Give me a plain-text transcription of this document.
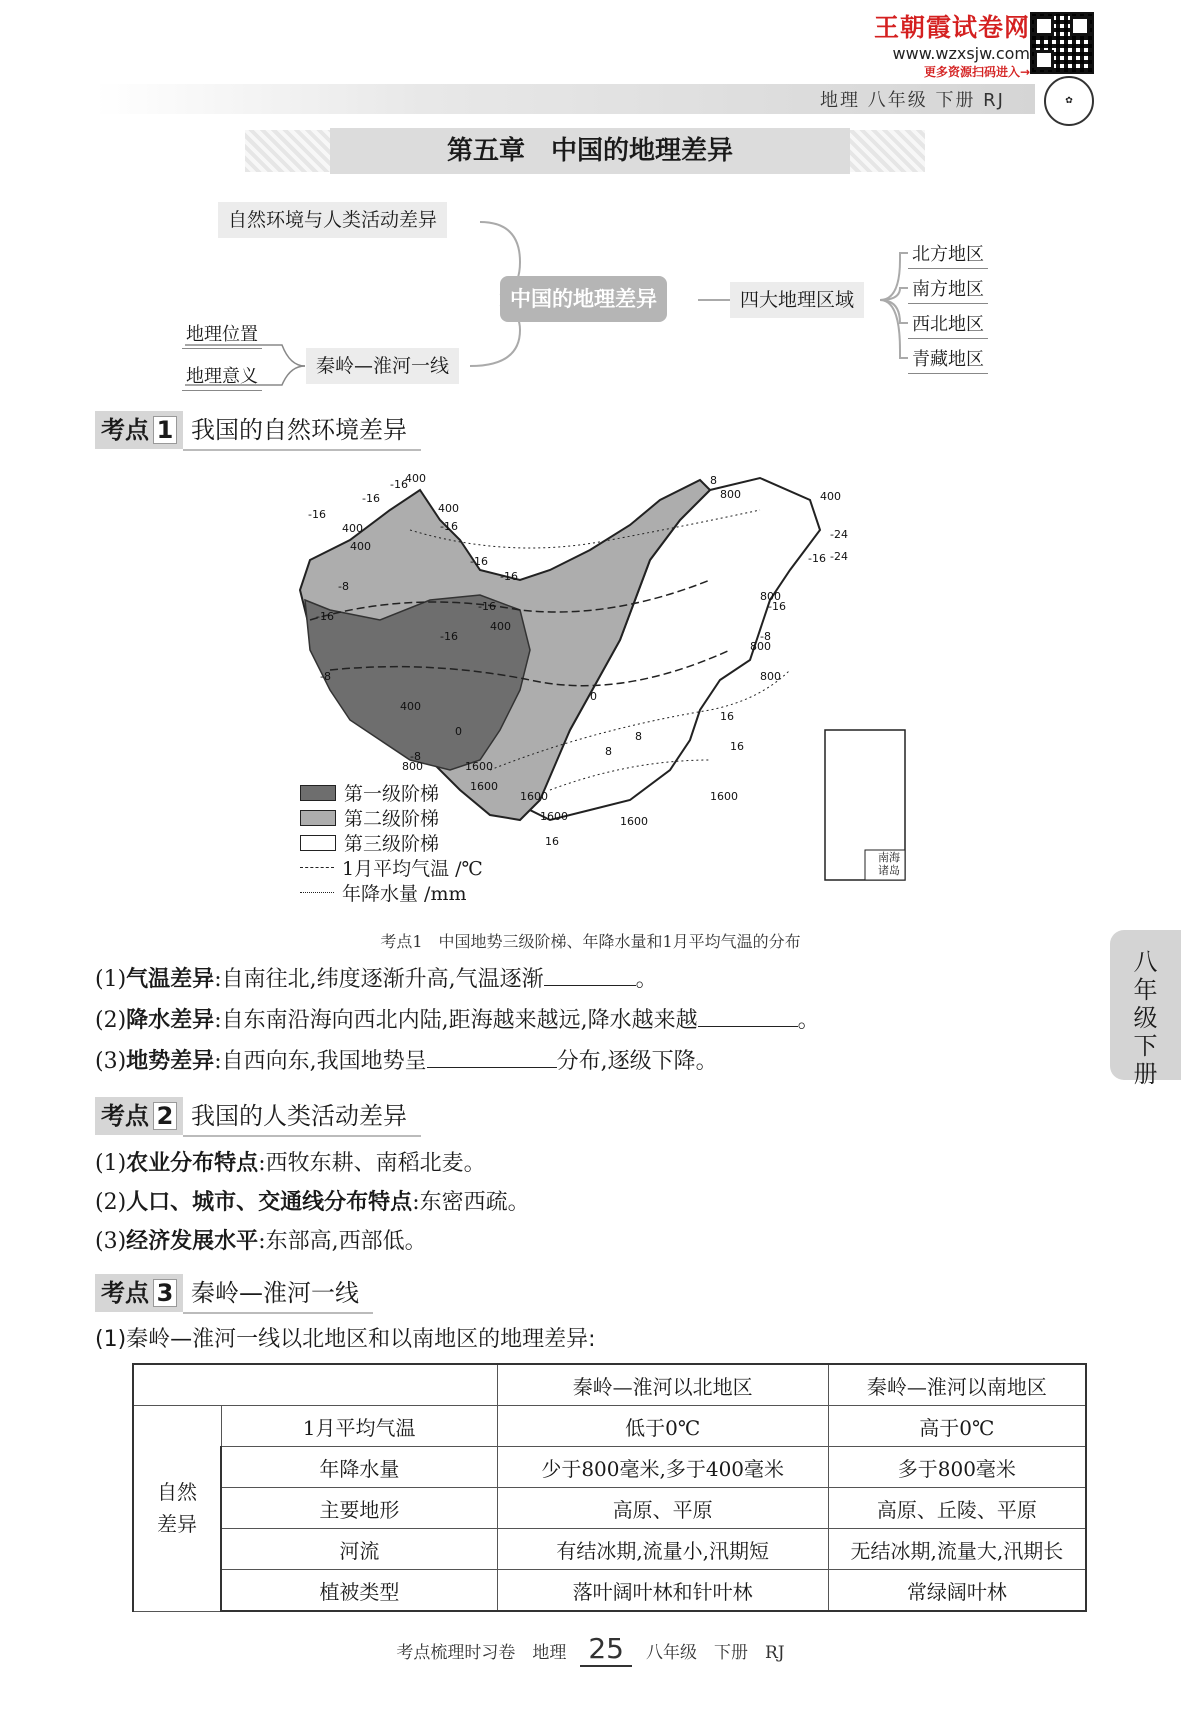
王朝霞试卷网
www.wzxsjw.com
更多资源扫码进入→
✿
地理 八年级 下册 RJ
第五章　中国的地理差异
自然环境与人类活动差异
中国的地理差异
秦岭—淮河一线
四大地理区域
地理位置
地理意义
北方地区
南方地区
西北地区
青藏地区
考点 1 我国的自然环境差异
400
-16
-16	400
-16
400
400
-16
-16
-8
-16
-16
400
-16
-8
-16
400
-8
800
8
800	400
-24
-24
-16
800
-16
-8
800
800
0
0
8
1600
16
1600
8
1600
1600
1600
1600
16
16
第一级阶梯
第二级阶梯
第三级阶梯
1月平均气温 /℃
年降水量 /mm
南海
诸岛
考点1　中国地势三级阶梯、年降水量和1月平均气温的分布
(1)气温差异:自南往北,纬度逐渐升高,气温逐渐	。
(2)降水差异:自东南沿海向西北内陆,距海越来越远,降水越来越	。
(3)地势差异:自西向东,我国地势呈	分布,逐级下降。
八年级下册
考点 2 我国的人类活动差异
(1)农业分布特点:西牧东耕、南稻北麦。
(2)人口、城市、交通线分布特点:东密西疏。
(3)经济发展水平:东部高,西部低。
考点 3 秦岭—淮河一线
(1)秦岭—淮河一线以北地区和以南地区的地理差异:
		秦岭—淮河以北地区	秦岭—淮河以南地区
自然差异	1月平均气温	低于0℃	高于0℃
	年降水量	少于800毫米,多于400毫米	多于800毫米
	主要地形	高原、平原	高原、丘陵、平原
	河流	有结冰期,流量小,汛期短	无结冰期,流量大,汛期长
	植被类型	落叶阔叶林和针叶林	常绿阔叶林
考点梳理时习卷　地理 25 八年级　下册　RJ
